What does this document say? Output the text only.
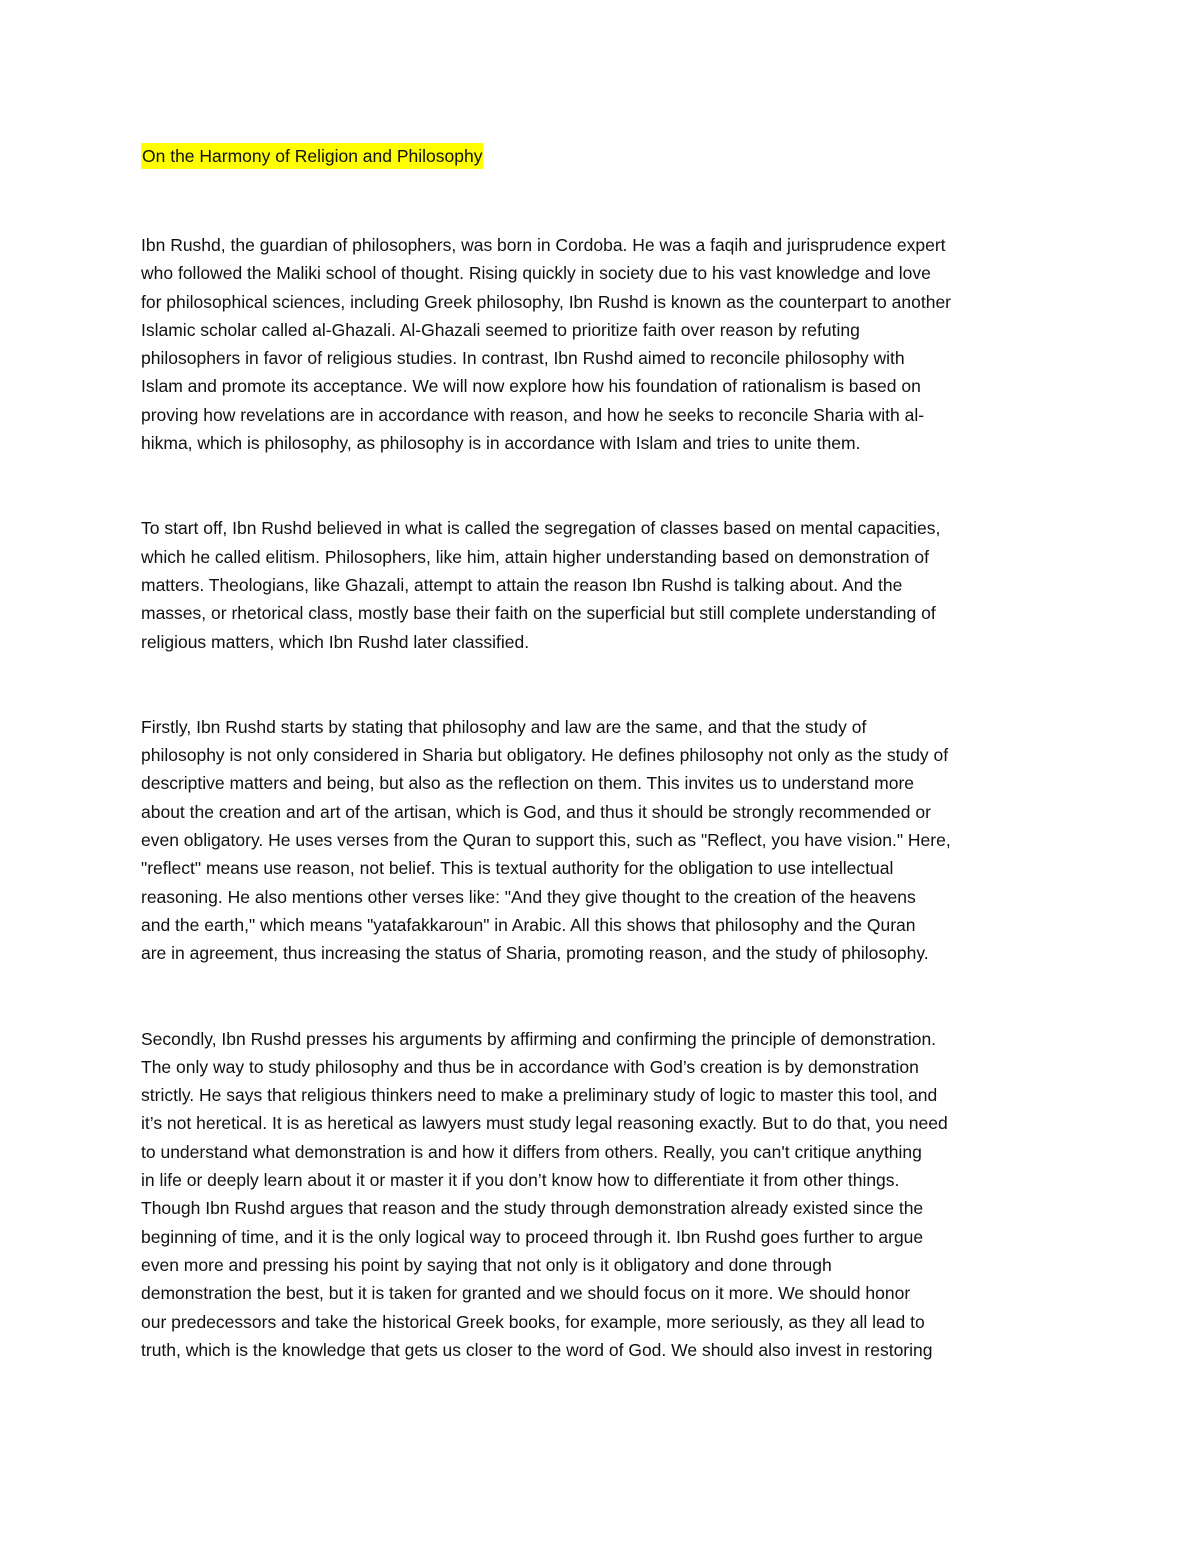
On the Harmony of Religion and Philosophy

Ibn Rushd, the guardian of philosophers, was born in Cordoba. He was a faqih and jurisprudence expert
who followed the Maliki school of thought. Rising quickly in society due to his vast knowledge and love
for philosophical sciences, including Greek philosophy, Ibn Rushd is known as the counterpart to another
Islamic scholar called al-Ghazali. Al-Ghazali seemed to prioritize faith over reason by refuting
philosophers in favor of religious studies. In contrast, Ibn Rushd aimed to reconcile philosophy with
Islam and promote its acceptance. We will now explore how his foundation of rationalism is based on
proving how revelations are in accordance with reason, and how he seeks to reconcile Sharia with al-
hikma, which is philosophy, as philosophy is in accordance with Islam and tries to unite them.

To start off, Ibn Rushd believed in what is called the segregation of classes based on mental capacities,
which he called elitism. Philosophers, like him, attain higher understanding based on demonstration of
matters. Theologians, like Ghazali, attempt to attain the reason Ibn Rushd is talking about. And the
masses, or rhetorical class, mostly base their faith on the superficial but still complete understanding of
religious matters, which Ibn Rushd later classified.

Firstly, Ibn Rushd starts by stating that philosophy and law are the same, and that the study of
philosophy is not only considered in Sharia but obligatory. He defines philosophy not only as the study of
descriptive matters and being, but also as the reflection on them. This invites us to understand more
about the creation and art of the artisan, which is God, and thus it should be strongly recommended or
even obligatory. He uses verses from the Quran to support this, such as "Reflect, you have vision." Here,
"reflect" means use reason, not belief. This is textual authority for the obligation to use intellectual
reasoning. He also mentions other verses like: "And they give thought to the creation of the heavens
and the earth," which means "yatafakkaroun" in Arabic. All this shows that philosophy and the Quran
are in agreement, thus increasing the status of Sharia, promoting reason, and the study of philosophy.

Secondly, Ibn Rushd presses his arguments by affirming and confirming the principle of demonstration.
The only way to study philosophy and thus be in accordance with God’s creation is by demonstration
strictly. He says that religious thinkers need to make a preliminary study of logic to master this tool, and
it’s not heretical. It is as heretical as lawyers must study legal reasoning exactly. But to do that, you need
to understand what demonstration is and how it differs from others. Really, you can't critique anything
in life or deeply learn about it or master it if you don’t know how to differentiate it from other things.
Though Ibn Rushd argues that reason and the study through demonstration already existed since the
beginning of time, and it is the only logical way to proceed through it. Ibn Rushd goes further to argue
even more and pressing his point by saying that not only is it obligatory and done through
demonstration the best, but it is taken for granted and we should focus on it more. We should honor
our predecessors and take the historical Greek books, for example, more seriously, as they all lead to
truth, which is the knowledge that gets us closer to the word of God. We should also invest in restoring
